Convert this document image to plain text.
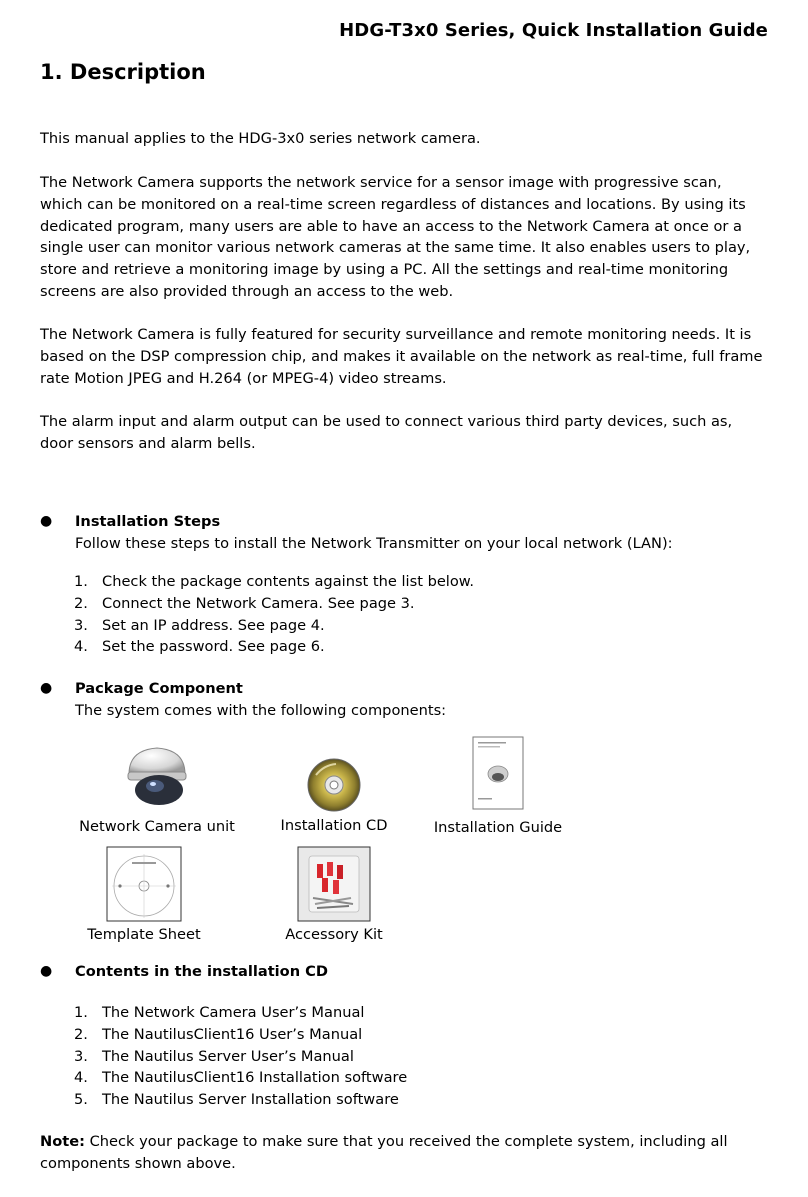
HDG-T3x0 Series, Quick Installation Guide
1. Description

This manual applies to the HDG-3x0 series network camera.

The Network Camera supports the network service for a sensor image with progressive scan, which can be monitored on a real-time screen regardless of distances and locations. By using its dedicated program, many users are able to have an access to the Network Camera at once or a single user can monitor various network cameras at the same time. It also enables users to play, store and retrieve a monitoring image by using a PC. All the settings and real-time monitoring screens are also provided through an access to the web.

The Network Camera is fully featured for security surveillance and remote monitoring needs. It is based on the DSP compression chip, and makes it available on the network as real-time, full frame rate Motion JPEG and H.264 (or MPEG-4) video streams.

The alarm input and alarm output can be used to connect various third party devices, such as, door sensors and alarm bells.

● Installation Steps
Follow these steps to install the Network Transmitter on your local network (LAN):
1. Check the package contents against the list below.
2. Connect the Network Camera. See page 3.
3. Set an IP address. See page 4.
4. Set the password. See page 6.
● Package Component
The system comes with the following components:
Network Camera unit	Installation CD	Installation Guide
Template Sheet	Accessory Kit
● Contents in the installation CD
1. The Network Camera User’s Manual
2. The NautilusClient16 User’s Manual
3. The Nautilus Server User’s Manual
4. The NautilusClient16 Installation software
5. The Nautilus Server Installation software

Note: Check your package to make sure that you received the complete system, including all components shown above.
